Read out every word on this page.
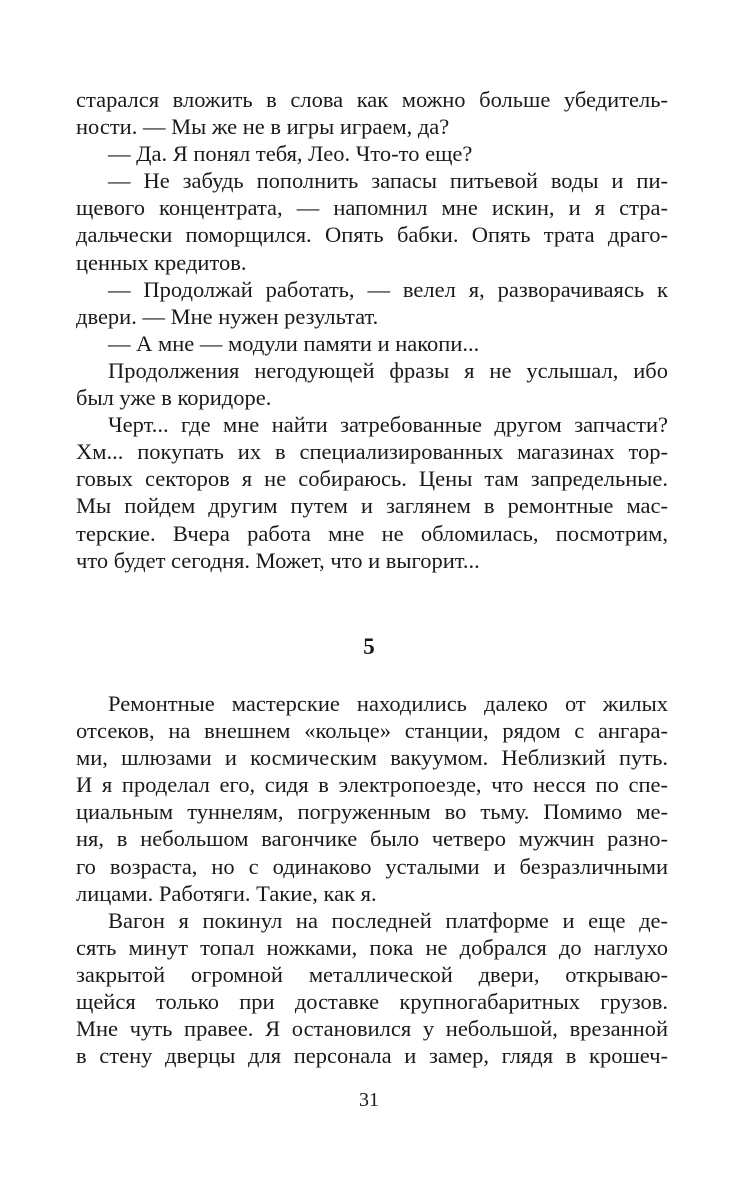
старался вложить в слова как можно больше убедитель-
ности. — Мы же не в игры играем, да?
— Да. Я понял тебя, Лео. Что-то еще?
— Не забудь пополнить запасы питьевой воды и пи-
щевого концентрата, — напомнил мне искин, и я стра-
дальчески поморщился. Опять бабки. Опять трата драго-
ценных кредитов.
— Продолжай работать, — велел я, разворачиваясь к
двери. — Мне нужен результат.
— А мне — модули памяти и накопи...
Продолжения негодующей фразы я не услышал, ибо
был уже в коридоре.
Черт... где мне найти затребованные другом запчасти?
Хм... покупать их в специализированных магазинах тор-
говых секторов я не собираюсь. Цены там запредельные.
Мы пойдем другим путем и заглянем в ремонтные мас-
терские. Вчера работа мне не обломилась, посмотрим,
что будет сегодня. Может, что и выгорит...
5
Ремонтные мастерские находились далеко от жилых
отсеков, на внешнем «кольце» станции, рядом с ангара-
ми, шлюзами и космическим вакуумом. Неблизкий путь.
И я проделал его, сидя в электропоезде, что несся по спе-
циальным туннелям, погруженным во тьму. Помимо ме-
ня, в небольшом вагончике было четверо мужчин разно-
го возраста, но с одинаково усталыми и безразличными
лицами. Работяги. Такие, как я.
Вагон я покинул на последней платформе и еще де-
сять минут топал ножками, пока не добрался до наглухо
закрытой огромной металлической двери, открываю-
щейся только при доставке крупногабаритных грузов.
Мне чуть правее. Я остановился у небольшой, врезанной
в стену дверцы для персонала и замер, глядя в крошеч-
31
